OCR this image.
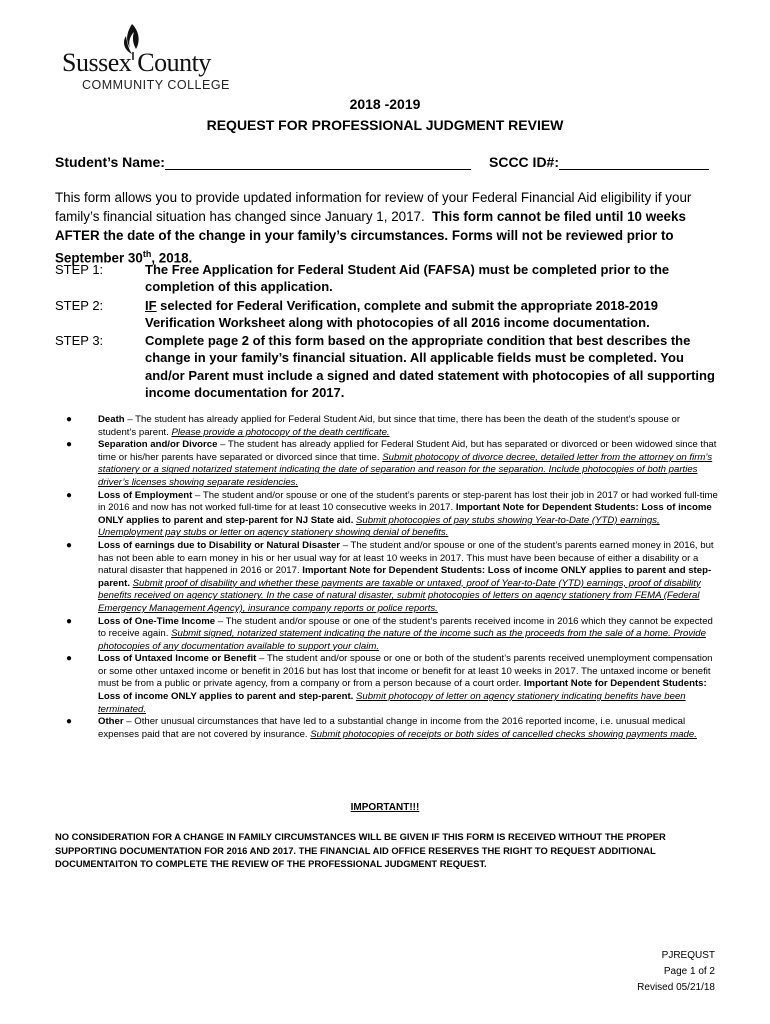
Sussex County
COMMUNITY COLLEGE
2018 -2019
REQUEST FOR PROFESSIONAL JUDGMENT REVIEW
Student’s Name:	SCCC ID#:
This form allows you to provide updated information for review of your Federal Financial Aid eligibility if your family’s financial situation has changed since January 1, 2017. This form cannot be filed until 10 weeks AFTER the date of the change in your family’s circumstances. Forms will not be reviewed prior to September 30th, 2018.
STEP 1:	The Free Application for Federal Student Aid (FAFSA) must be completed prior to the completion of this application.
STEP 2:	IF selected for Federal Verification, complete and submit the appropriate 2018-2019 Verification Worksheet along with photocopies of all 2016 income documentation.
STEP 3:	Complete page 2 of this form based on the appropriate condition that best describes the change in your family’s financial situation. All applicable fields must be completed. You and/or Parent must include a signed and dated statement with photocopies of all supporting income documentation for 2017.
●	Death – The student has already applied for Federal Student Aid, but since that time, there has been the death of the student’s spouse or student’s parent. Please provide a photocopy of the death certificate.
●	Separation and/or Divorce – The student has already applied for Federal Student Aid, but has separated or divorced or been widowed since that time or his/her parents have separated or divorced since that time. Submit photocopy of divorce decree, detailed letter from the attorney on firm’s stationery or a signed notarized statement indicating the date of separation and reason for the separation. Include photocopies of both parties driver’s licenses showing separate residencies.
●	Loss of Employment – The student and/or spouse or one of the student’s parents or step-parent has lost their job in 2017 or had worked full-time in 2016 and now has not worked full-time for at least 10 consecutive weeks in 2017. Important Note for Dependent Students: Loss of income ONLY applies to parent and step-parent for NJ State aid. Submit photocopies of pay stubs showing Year-to-Date (YTD) earnings, Unemployment pay stubs or letter on agency stationery showing denial of benefits.
●	Loss of earnings due to Disability or Natural Disaster – The student and/or spouse or one of the student’s parents earned money in 2016, but has not been able to earn money in his or her usual way for at least 10 weeks in 2017. This must have been because of either a disability or a natural disaster that happened in 2016 or 2017. Important Note for Dependent Students: Loss of income ONLY applies to parent and step-parent. Submit proof of disability and whether these payments are taxable or untaxed, proof of Year-to-Date (YTD) earnings, proof of disability benefits received on agency stationery. In the case of natural disaster, submit photocopies of letters on agency stationery from FEMA (Federal Emergency Management Agency), insurance company reports or police reports.
●	Loss of One-Time Income – The student and/or spouse or one of the student’s parents received income in 2016 which they cannot be expected to receive again. Submit signed, notarized statement indicating the nature of the income such as the proceeds from the sale of a home. Provide photocopies of any documentation available to support your claim.
●	Loss of Untaxed Income or Benefit – The student and/or spouse or one or both of the student’s parents received unemployment compensation or some other untaxed income or benefit in 2016 but has lost that income or benefit for at least 10 weeks in 2017. The untaxed income or benefit must be from a public or private agency, from a company or from a person because of a court order. Important Note for Dependent Students: Loss of income ONLY applies to parent and step-parent. Submit photocopy of letter on agency stationery indicating benefits have been terminated.
●	Other – Other unusual circumstances that have led to a substantial change in income from the 2016 reported income, i.e. unusual medical expenses paid that are not covered by insurance. Submit photocopies of receipts or both sides of cancelled checks showing payments made.
IMPORTANT!!!
NO CONSIDERATION FOR A CHANGE IN FAMILY CIRCUMSTANCES WILL BE GIVEN IF THIS FORM IS RECEIVED WITHOUT THE PROPER SUPPORTING DOCUMENTATION FOR 2016 AND 2017. THE FINANCIAL AID OFFICE RESERVES THE RIGHT TO REQUEST ADDITIONAL DOCUMENTAITON TO COMPLETE THE REVIEW OF THE PROFESSIONAL JUDGMENT REQUEST.
PJREQUST
Page 1 of 2
Revised 05/21/18
